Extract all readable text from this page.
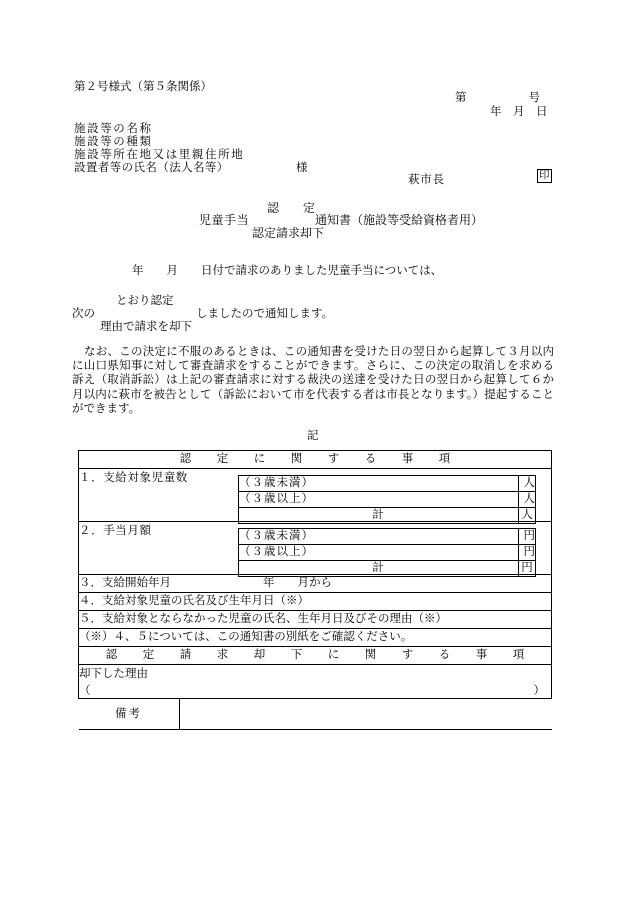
第２号様式（第５条関係）
第	号
年　月　日
施設等の名称
施設等の種類
施設等所在地又は里親住所地
設置者等の氏名（法人名等）	様
萩市長	印
児童手当
認　　定
認定請求却下
通知書（施設等受給資格者用）
年　　月　　日付で請求のありました児童手当については、
次の
とおり認定
理由で請求を却下
しましたので通知します。
なお、この決定に不服のあるときは、この通知書を受けた日の翌日から起算して３月以内に山口県知事に対して審査請求をすることができます。さらに、この決定の取消しを求める訴え（取消訴訟）は上記の審査請求に対する裁決の送達を受けた日の翌日から起算して６か月以内に萩市を被告として（訴訟において市を代表する者は市長となります。）提起することができます。
記
認　定　に　関　す　る　事　項

１．支給対象児童数	（３歳未満）	人
（３歳以上）	人
計	人

２．手当月額	（３歳未満）	円
（３歳以上）	円
計	円

３．支給開始年月	年　　月から
４．支給対象児童の氏名及び生年月日（※）
５．支給対象とならなかった児童の氏名、生年月日及びその理由（※）
（※）４、５については、この通知書の別紙をご確認ください。
認　定　請　求　却　下　に　関　す　る　事　項
却下した理由
（	）

備考	
